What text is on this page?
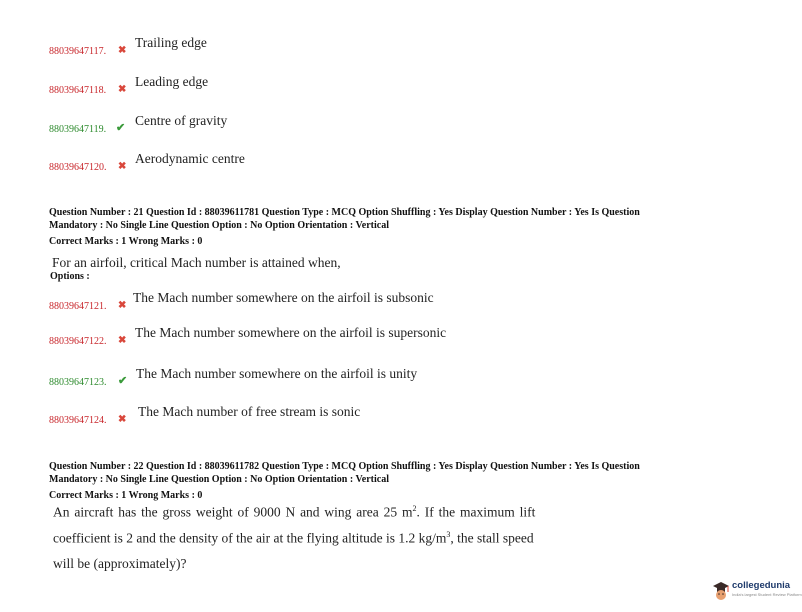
88039647117. ✖
Trailing edge
88039647118. ✖
Leading edge
88039647119. ✔ Centre of gravity
88039647120. ✖
Aerodynamic centre
Question Number : 21 Question Id : 88039611781 Question Type : MCQ Option Shuffling : Yes Display Question Number : Yes Is Question
Mandatory : No Single Line Question Option : No Option Orientation : Vertical
Correct Marks : 1 Wrong Marks : 0
For an airfoil, critical Mach number is attained when,
Options :
88039647121. ✖
The Mach number somewhere on the airfoil is subsonic
88039647122. ✖
The Mach number somewhere on the airfoil is supersonic
88039647123. ✔ The Mach number somewhere on the airfoil is unity
88039647124. ✖
The Mach number of free stream is sonic
Question Number : 22 Question Id : 88039611782 Question Type : MCQ Option Shuffling : Yes Display Question Number : Yes Is Question
Mandatory : No Single Line Question Option : No Option Orientation : Vertical
Correct Marks : 1 Wrong Marks : 0
An aircraft has the gross weight of 9000 N and wing area 25 $m^2$. If the maximum lift
coefficient is 2 and the density of the air at the flying altitude is 1.2 $kg/m^3$, the stall speed
will be (approximately)?
collegedunia
India's largest Student Review Platform
